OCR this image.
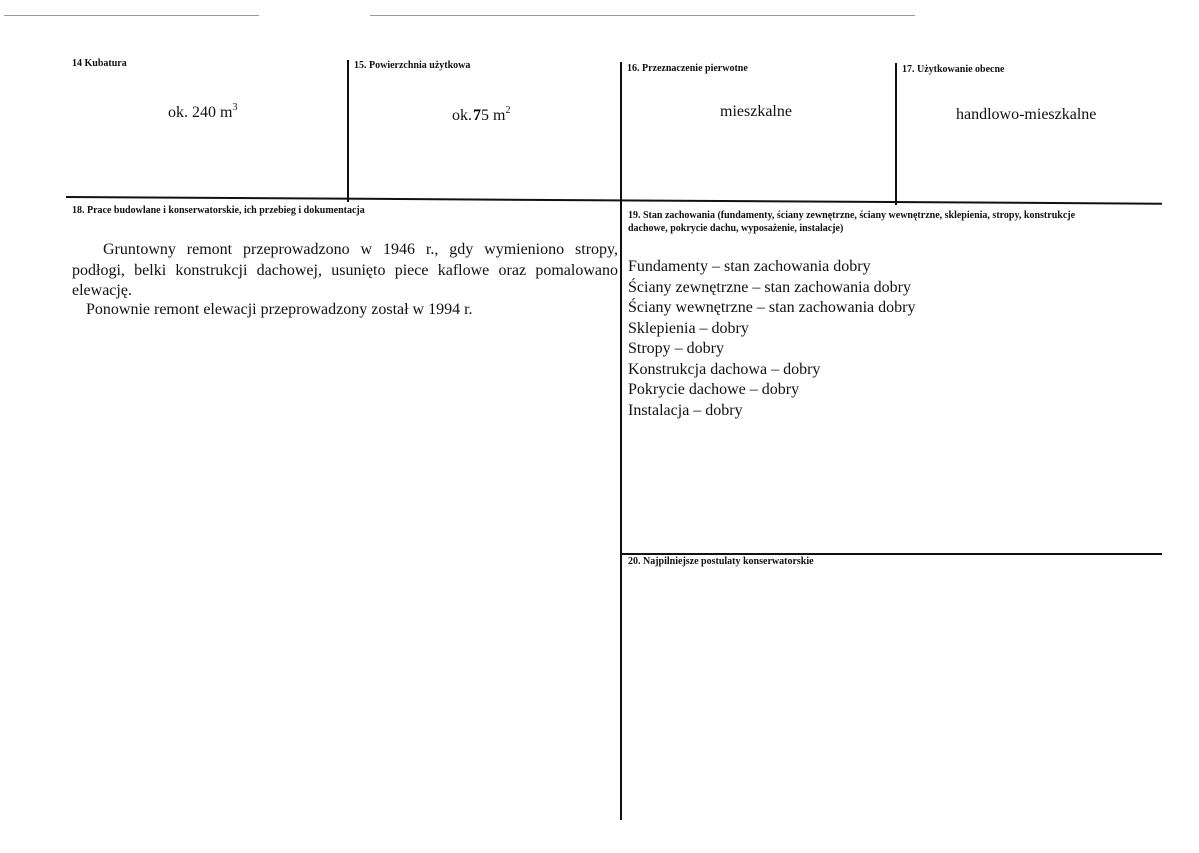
14 Kubatura
ok. 240 $m^3$
15. Powierzchnia użytkowa
ok. 75 $m^2$
16. Przeznaczenie pierwotne
mieszkalne
17. Użytkowanie obecne
handlowo-mieszkalne
18. Prace budowlane i konserwatorskie, ich przebieg i dokumentacja
Gruntowny remont przeprowadzono w 1946 r., gdy wymieniono stropy, podłogi, belki konstrukcji dachowej, usunięto piece kaflowe oraz pomalowano elewację.
Ponownie remont elewacji przeprowadzony został w 1994 r.
19. Stan zachowania (fundamenty, ściany zewnętrzne, ściany wewnętrzne, sklepienia, stropy, konstrukcje
dachowe, pokrycie dachu, wyposażenie, instalacje)
Fundamenty – stan zachowania dobry
Ściany zewnętrzne – stan zachowania dobry
Ściany wewnętrzne – stan zachowania dobry
Sklepienia – dobry
Stropy – dobry
Konstrukcja dachowa – dobry
Pokrycie dachowe – dobry
Instalacja – dobry
20. Najpilniejsze postulaty konserwatorskie
